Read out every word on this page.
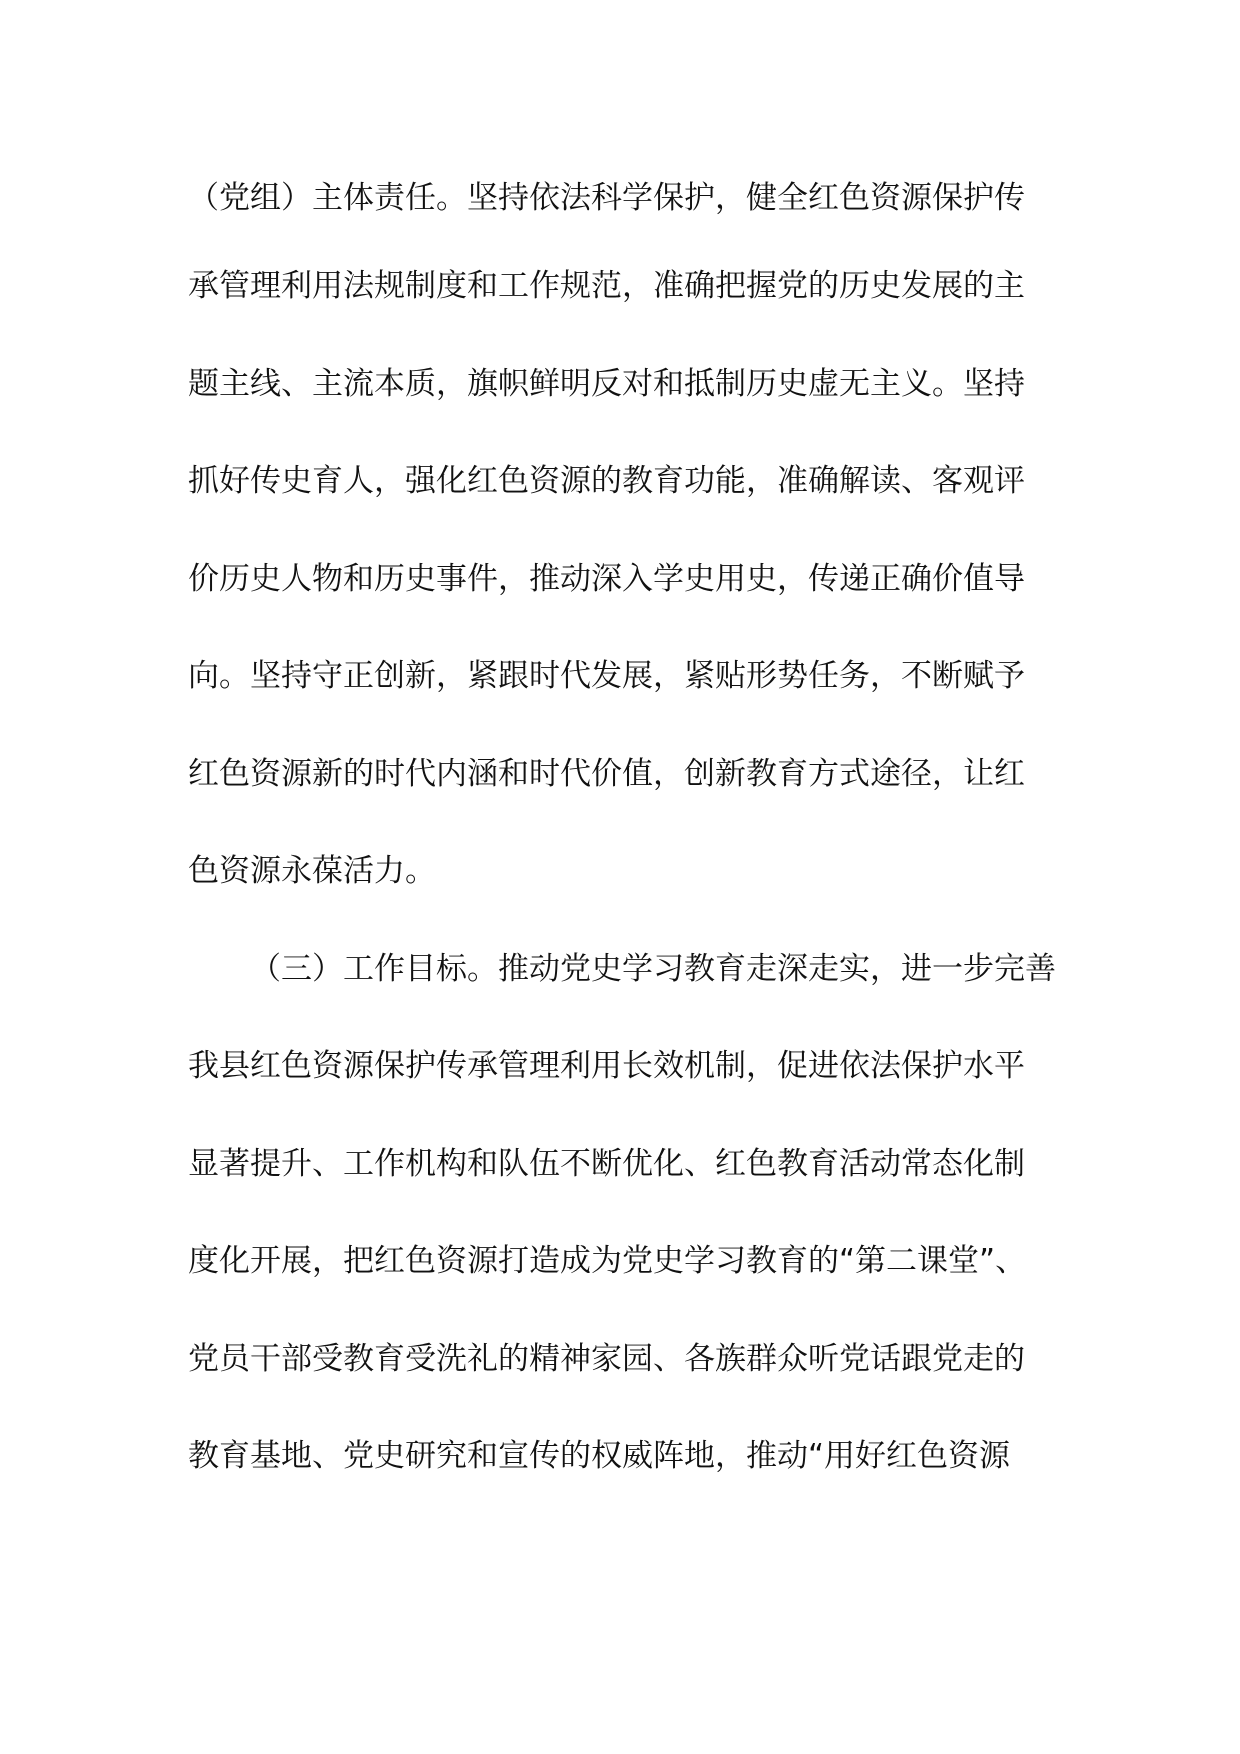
（党组）主体责任。坚持依法科学保护，健全红色资源保护传
承管理利用法规制度和工作规范，准确把握党的历史发展的主
题主线、主流本质，旗帜鲜明反对和抵制历史虚无主义。坚持
抓好传史育人，强化红色资源的教育功能，准确解读、客观评
价历史人物和历史事件，推动深入学史用史，传递正确价值导
向。坚持守正创新，紧跟时代发展，紧贴形势任务，不断赋予
红色资源新的时代内涵和时代价值，创新教育方式途径，让红
色资源永葆活力。
（三）工作目标。推动党史学习教育走深走实，进一步完善
我县红色资源保护传承管理利用长效机制，促进依法保护水平
显著提升、工作机构和队伍不断优化、红色教育活动常态化制
度化开展，把红色资源打造成为党史学习教育的“第二课堂”、
党员干部受教育受洗礼的精神家园、各族群众听党话跟党走的
教育基地、党史研究和宣传的权威阵地，推动“用好红色资源
